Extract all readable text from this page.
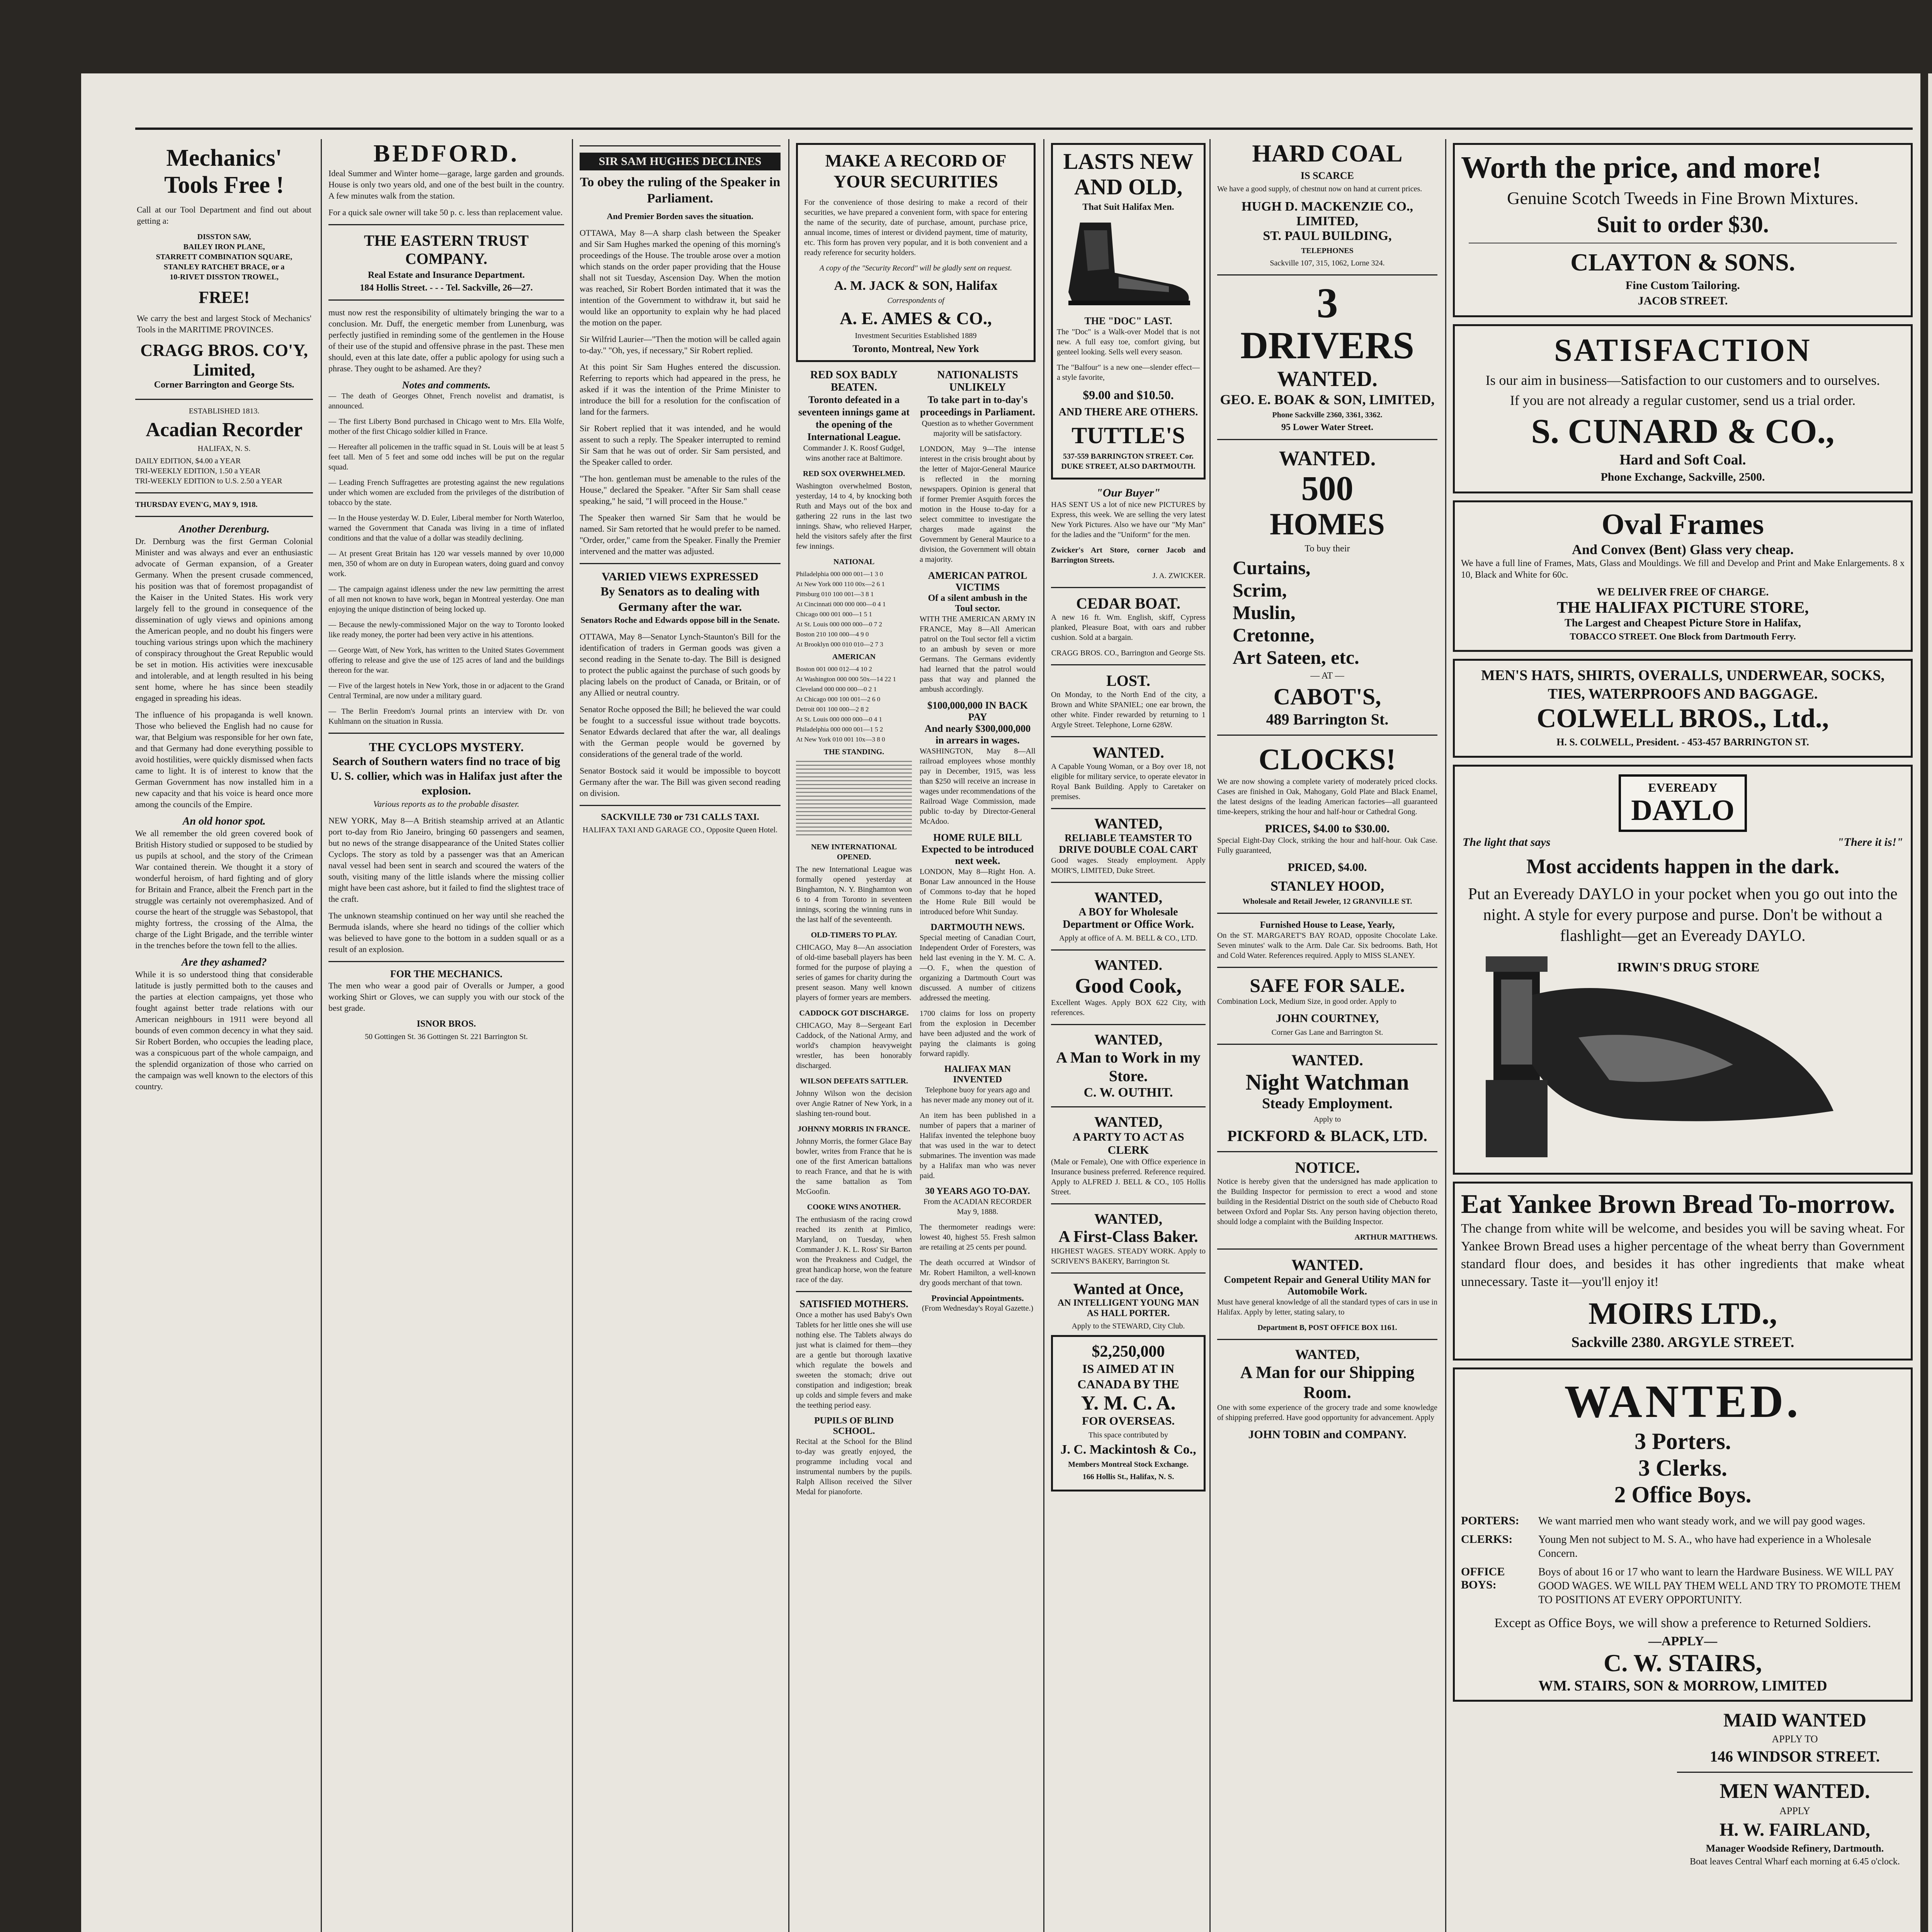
Mechanics' Tools Free !

Call at our Tool Department and find out about getting a:

DISSTON SAW,
BAILEY IRON PLANE,
STARRETT COMBINATION SQUARE,
STANLEY RATCHET BRACE, or a
10-RIVET DISSTON TROWEL,
FREE!

We carry the best and largest Stock of Mechanics' Tools in the MARITIME PROVINCES.

CRAGG BROS. CO'Y, Limited,
Corner Barrington and George Sts.
ESTABLISHED 1813.
Acadian Recorder
HALIFAX, N. S.
DAILY EDITION, $4.00 a YEAR
TRI-WEEKLY EDITION, 1.50 a YEAR
TRI-WEEKLY EDITION to U.S. 2.50 a YEAR
THURSDAY EVEN'G, MAY 9, 1918.
Another Derenburg.

Dr. Dernburg was the first German Colonial Minister and was always and ever an enthusiastic advocate of German expansion, of a Greater Germany. When the present crusade commenced, his position was that of foremost propagandist of the Kaiser in the United States. His work very largely fell to the ground in consequence of the dissemination of ugly views and opinions among the American people, and no doubt his fingers were touching various strings upon which the machinery of conspiracy throughout the Great Republic would be set in motion. His activities were inexcusable and intolerable, and at length resulted in his being sent home, where he has since been steadily engaged in spreading his ideas.

The influence of his propaganda is well known. Those who believed the English had no cause for war, that Belgium was responsible for her own fate, and that Germany had done everything possible to avoid hostilities, were quickly dismissed when facts came to light. It is of interest to know that the German Government has now installed him in a new capacity and that his voice is heard once more among the councils of the Empire.

An old honor spot.

We all remember the old green covered book of British History studied or supposed to be studied by us pupils at school, and the story of the Crimean War contained therein. We thought it a story of wonderful heroism, of hard fighting and of glory for Britain and France, albeit the French part in the struggle was certainly not overemphasized. And of course the heart of the struggle was Sebastopol, that mighty fortress, the crossing of the Alma, the charge of the Light Brigade, and the terrible winter in the trenches before the town fell to the allies.

Are they ashamed?

While it is so understood thing that considerable latitude is justly permitted both to the causes and the parties at election campaigns, yet those who fought against better trade relations with our American neighbours in 1911 were beyond all bounds of even common decency in what they said. Sir Robert Borden, who occupies the leading place, was a conspicuous part of the whole campaign, and the splendid organization of those who carried on the campaign was well known to the electors of this country.

BEDFORD.

Ideal Summer and Winter home—garage, large garden and grounds. House is only two years old, and one of the best built in the country. A few minutes walk from the station.

For a quick sale owner will take 50 p. c. less than replacement value.

THE EASTERN TRUST COMPANY.
Real Estate and Insurance Department.
184 Hollis Street. - - - Tel. Sackville, 26—27.

must now rest the responsibility of ultimately bringing the war to a conclusion. Mr. Duff, the energetic member from Lunenburg, was perfectly justified in reminding some of the gentlemen in the House of their use of the stupid and offensive phrase in the past. These men should, even at this late date, offer a public apology for using such a phrase. They ought to be ashamed. Are they?

Notes and comments.

— The death of Georges Ohnet, French novelist and dramatist, is announced.

— The first Liberty Bond purchased in Chicago went to Mrs. Ella Wolfe, mother of the first Chicago soldier killed in France.

— Hereafter all policemen in the traffic squad in St. Louis will be at least 5 feet tall. Men of 5 feet and some odd inches will be put on the regular squad.

— Leading French Suffragettes are protesting against the new regulations under which women are excluded from the privileges of the distribution of tobacco by the state.

— In the House yesterday W. D. Euler, Liberal member for North Waterloo, warned the Government that Canada was living in a time of inflated conditions and that the value of a dollar was steadily declining.

— At present Great Britain has 120 war vessels manned by over 10,000 men, 350 of whom are on duty in European waters, doing guard and convoy work.

— The campaign against idleness under the new law permitting the arrest of all men not known to have work, began in Montreal yesterday. One man enjoying the unique distinction of being locked up.

— Because the newly-commissioned Major on the way to Toronto looked like ready money, the porter had been very active in his attentions.

— George Watt, of New York, has written to the United States Government offering to release and give the use of 125 acres of land and the buildings thereon for the war.

— Five of the largest hotels in New York, those in or adjacent to the Grand Central Terminal, are now under a military guard.

— The Berlin Freedom's Journal prints an interview with Dr. von Kuhlmann on the situation in Russia.

THE CYCLOPS MYSTERY.
Search of Southern waters find no trace of big U. S. collier, which was in Halifax just after the explosion.

Various reports as to the probable disaster.

NEW YORK, May 8—A British steamship arrived at an Atlantic port to-day from Rio Janeiro, bringing 60 passengers and seamen, but no news of the strange disappearance of the United States collier Cyclops. The story as told by a passenger was that an American naval vessel had been sent in search and scoured the waters of the south, visiting many of the little islands where the missing collier might have been cast ashore, but it failed to find the slightest trace of the craft.

The unknown steamship continued on her way until she reached the Bermuda islands, where she heard no tidings of the collier which was believed to have gone to the bottom in a sudden squall or as a result of an explosion.

FOR THE MECHANICS.

The men who wear a good pair of Overalls or Jumper, a good working Shirt or Gloves, we can supply you with our stock of the best grade.

ISNOR BROS.
50 Gottingen St. 36 Gottingen St. 221 Barrington St.
SIR SAM HUGHES DECLINES
To obey the ruling of the Speaker in Parliament.

And Premier Borden saves the situation.

OTTAWA, May 8—A sharp clash between the Speaker and Sir Sam Hughes marked the opening of this morning's proceedings of the House. The trouble arose over a motion which stands on the order paper providing that the House shall not sit Tuesday, Ascension Day. When the motion was reached, Sir Robert Borden intimated that it was the intention of the Government to withdraw it, but said he would like an opportunity to explain why he had placed the motion on the paper.

Sir Wilfrid Laurier—"Then the motion will be called again to-day." "Oh, yes, if necessary," Sir Robert replied.

At this point Sir Sam Hughes entered the discussion. Referring to reports which had appeared in the press, he asked if it was the intention of the Prime Minister to introduce the bill for a resolution for the confiscation of land for the farmers.

Sir Robert replied that it was intended, and he would assent to such a reply. The Speaker interrupted to remind Sir Sam that he was out of order. Sir Sam persisted, and the Speaker called to order.

"The hon. gentleman must be amenable to the rules of the House," declared the Speaker. "After Sir Sam shall cease speaking," he said, "I will proceed in the House."

The Speaker then warned Sir Sam that he would be named. Sir Sam retorted that he would prefer to be named. "Order, order," came from the Speaker. Finally the Premier intervened and the matter was adjusted.

VARIED VIEWS EXPRESSED
By Senators as to dealing with Germany after the war.

Senators Roche and Edwards oppose bill in the Senate.

OTTAWA, May 8—Senator Lynch-Staunton's Bill for the identification of traders in German goods was given a second reading in the Senate to-day. The Bill is designed to protect the public against the purchase of such goods by placing labels on the product of Canada, or Britain, or of any Allied or neutral country.

Senator Roche opposed the Bill; he believed the war could be fought to a successful issue without trade boycotts. Senator Edwards declared that after the war, all dealings with the German people would be governed by considerations of the general trade of the world.

Senator Bostock said it would be impossible to boycott Germany after the war. The Bill was given second reading on division.

SACKVILLE 730 or 731 CALLS TAXI.
HALIFAX TAXI AND GARAGE CO., Opposite Queen Hotel.
MAKE A RECORD OF YOUR SECURITIES

For the convenience of those desiring to make a record of their securities, we have prepared a convenient form, with space for entering the name of the security, date of purchase, amount, purchase price, annual income, times of interest or dividend payment, time of maturity, etc. This form has proven very popular, and it is both convenient and a ready reference for security holders.

A copy of the "Security Record" will be gladly sent on request.

A. M. JACK & SON, Halifax
Correspondents of
A. E. AMES & CO.,
Investment Securities Established 1889
Toronto, Montreal, New York
RED SOX BADLY BEATEN.
Toronto defeated in a seventeen innings game at the opening of the International League.

Commander J. K. Roosf Gudgel, wins another race at Baltimore.

RED SOX OVERWHELMED.

Washington overwhelmed Boston, yesterday, 14 to 4, by knocking both Ruth and Mays out of the box and gathering 22 runs in the last two innings. Shaw, who relieved Harper, held the visitors safely after the first few innings.

NATIONAL
Philadelphia 000 000 001—1 3 0
At New York 000 110 00x—2 6 1
Pittsburg 010 100 001—3 8 1
At Cincinnati 000 000 000—0 4 1
Chicago 000 001 000—1 5 1
At St. Louis 000 000 000—0 7 2
Boston 210 100 000—4 9 0
At Brooklyn 000 010 010—2 7 3
AMERICAN
Boston 001 000 012—4 10 2
At Washington 000 000 50x—14 22 1
Cleveland 000 000 000—0 2 1
At Chicago 000 100 001—2 6 0
Detroit 001 100 000—2 8 2
At St. Louis 000 000 000—0 4 1
Philadelphia 000 000 001—1 5 2
At New York 010 001 10x—3 8 0
THE STANDING.
NEW INTERNATIONAL OPENED.

The new International League was formally opened yesterday at Binghamton, N. Y. Binghamton won 6 to 4 from Toronto in seventeen innings, scoring the winning runs in the last half of the seventeenth.

OLD-TIMERS TO PLAY.

CHICAGO, May 8—An association of old-time baseball players has been formed for the purpose of playing a series of games for charity during the present season. Many well known players of former years are members.

CADDOCK GOT DISCHARGE.

CHICAGO, May 8—Sergeant Earl Caddock, of the National Army, and world's champion heavyweight wrestler, has been honorably discharged.

WILSON DEFEATS SATTLER.

Johnny Wilson won the decision over Angie Ratner of New York, in a slashing ten-round bout.

JOHNNY MORRIS IN FRANCE.

Johnny Morris, the former Glace Bay bowler, writes from France that he is one of the first American battalions to reach France, and that he is with the same battalion as Tom McGoofin.

COOKE WINS ANOTHER.

The enthusiasm of the racing crowd reached its zenith at Pimlico, Maryland, on Tuesday, when Commander J. K. L. Ross' Sir Barton won the Preakness and Cudgel, the great handicap horse, won the feature race of the day.

SATISFIED MOTHERS.

Once a mother has used Baby's Own Tablets for her little ones she will use nothing else. The Tablets always do just what is claimed for them—they are a gentle but thorough laxative which regulate the bowels and sweeten the stomach; drive out constipation and indigestion; break up colds and simple fevers and make the teething period easy.

PUPILS OF BLIND SCHOOL.

Recital at the School for the Blind to-day was greatly enjoyed, the programme including vocal and instrumental numbers by the pupils. Ralph Allison received the Silver Medal for pianoforte.

NATIONALISTS UNLIKELY
To take part in to-day's proceedings in Parliament.

Question as to whether Government majority will be satisfactory.

LONDON, May 9—The intense interest in the crisis brought about by the letter of Major-General Maurice is reflected in the morning newspapers. Opinion is general that if former Premier Asquith forces the motion in the House to-day for a select committee to investigate the charges made against the Government by General Maurice to a division, the Government will obtain a majority.

AMERICAN PATROL VICTIMS
Of a silent ambush in the Toul sector.

WITH THE AMERICAN ARMY IN FRANCE, May 8—All American patrol on the Toul sector fell a victim to an ambush by seven or more Germans. The Germans evidently had learned that the patrol would pass that way and planned the ambush accordingly.

$100,000,000 IN BACK PAY
And nearly $300,000,000 in arrears in wages.

WASHINGTON, May 8—All railroad employees whose monthly pay in December, 1915, was less than $250 will receive an increase in wages under recommendations of the Railroad Wage Commission, made public to-day by Director-General McAdoo.

HOME RULE BILL
Expected to be introduced next week.

LONDON, May 8—Right Hon. A. Bonar Law announced in the House of Commons to-day that he hoped the Home Rule Bill would be introduced before Whit Sunday.

DARTMOUTH NEWS.

Special meeting of Canadian Court, Independent Order of Foresters, was held last evening in the Y. M. C. A.—O. F., when the question of organizing a Dartmouth Court was discussed. A number of citizens addressed the meeting.

1700 claims for loss on property from the explosion in December have been adjusted and the work of paying the claimants is going forward rapidly.

HALIFAX MAN INVENTED

Telephone buoy for years ago and has never made any money out of it.

An item has been published in a number of papers that a mariner of Halifax invented the telephone buoy that was used in the war to detect submarines. The invention was made by a Halifax man who was never paid.

30 YEARS AGO TO-DAY.

From the ACADIAN RECORDER May 9, 1888.

The thermometer readings were: lowest 40, highest 55. Fresh salmon are retailing at 25 cents per pound.

The death occurred at Windsor of Mr. Robert Hamilton, a well-known dry goods merchant of that town.

Provincial Appointments.

(From Wednesday's Royal Gazette.)

LASTS NEW AND OLD,
That Suit Halifax Men.
THE "DOC" LAST.

The "Doc" is a Walk-over Model that is not new. A full easy toe, comfort giving, but genteel looking. Sells well every season.

The "Balfour" is a new one—slender effect—a style favorite,

$9.00 and $10.50.
AND THERE ARE OTHERS.
TUTTLE'S
537-559 BARRINGTON STREET. Cor. DUKE STREET, ALSO DARTMOUTH.
"Our Buyer"

HAS SENT US a lot of nice new PICTURES by Express, this week. We are selling the very latest New York Pictures. Also we have our "My Man" for the ladies and the "Uniform" for the men.

Zwicker's Art Store, corner Jacob and Barrington Streets.

J. A. ZWICKER.
CEDAR BOAT.

A new 16 ft. Wm. English, skiff, Cypress planked, Pleasure Boat, with oars and rubber cushion. Sold at a bargain.

CRAGG BROS. CO., Barrington and George Sts.
LOST.

On Monday, to the North End of the city, a Brown and White SPANIEL; one ear brown, the other white. Finder rewarded by returning to 1 Argyle Street. Telephone, Lorne 628W.

WANTED.

A Capable Young Woman, or a Boy over 18, not eligible for military service, to operate elevator in Royal Bank Building. Apply to Caretaker on premises.

WANTED,
RELIABLE TEAMSTER TO DRIVE DOUBLE COAL CART

Good wages. Steady employment. Apply MOIR'S, LIMITED, Duke Street.

WANTED,
A BOY for Wholesale Department or Office Work.
Apply at office of A. M. BELL & CO., LTD.
WANTED.
Good Cook,

Excellent Wages. Apply BOX 622 City, with references.

WANTED,
A Man to Work in my Store.
C. W. OUTHIT.
WANTED,
A PARTY TO ACT AS CLERK

(Male or Female), One with Office experience in Insurance business preferred. Reference required. Apply to ALFRED J. BELL & CO., 105 Hollis Street.

WANTED,
A First-Class Baker.

HIGHEST WAGES. STEADY WORK. Apply to SCRIVEN'S BAKERY, Barrington St.

Wanted at Once,
AN INTELLIGENT YOUNG MAN AS HALL PORTER.
Apply to the STEWARD, City Club.
$2,250,000
IS AIMED AT IN CANADA BY THE
Y. M. C. A.
FOR OVERSEAS.
This space contributed by
J. C. Mackintosh & Co.,
Members Montreal Stock Exchange.
166 Hollis St., Halifax, N. S.
HARD COAL
IS SCARCE

We have a good supply, of chestnut now on hand at current prices.

HUGH D. MACKENZIE CO., LIMITED,
ST. PAUL BUILDING,
TELEPHONES
Sackville 107, 315, 1062, Lorne 324.
3
DRIVERS
WANTED.
GEO. E. BOAK & SON, LIMITED,
Phone Sackville 2360, 3361, 3362.
95 Lower Water Street.
WANTED.
500
HOMES
To buy their
Curtains,
Scrim,
Muslin,
Cretonne,
Art Sateen, etc.
— AT —
CABOT'S,
489 Barrington St.
CLOCKS!

We are now showing a complete variety of moderately priced clocks. Cases are finished in Oak, Mahogany, Gold Plate and Black Enamel, the latest designs of the leading American factories—all guaranteed time-keepers, striking the hour and half-hour or Cathedral Gong.

PRICES, $4.00 to $30.00.

Special Eight-Day Clock, striking the hour and half-hour. Oak Case. Fully guaranteed,

PRICED, $4.00.
STANLEY HOOD,
Wholesale and Retail Jeweler, 12 GRANVILLE ST.
Furnished House to Lease, Yearly,

On the ST. MARGARET'S BAY ROAD, opposite Chocolate Lake. Seven minutes' walk to the Arm. Dale Car. Six bedrooms. Bath, Hot and Cold Water. References required. Apply to MISS SLANEY.

SAFE FOR SALE.

Combination Lock, Medium Size, in good order. Apply to

JOHN COURTNEY,
Corner Gas Lane and Barrington St.
WANTED.
Night Watchman
Steady Employment.
Apply to
PICKFORD & BLACK, LTD.
NOTICE.

Notice is hereby given that the undersigned has made application to the Building Inspector for permission to erect a wood and stone building in the Residential District on the south side of Chebucto Road between Oxford and Poplar Sts. Any person having objection thereto, should lodge a complaint with the Building Inspector.

ARTHUR MATTHEWS.
WANTED.
Competent Repair and General Utility MAN for Automobile Work.

Must have general knowledge of all the standard types of cars in use in Halifax. Apply by letter, stating salary, to

Department B, POST OFFICE BOX 1161.
WANTED,
A Man for our Shipping Room.

One with some experience of the grocery trade and some knowledge of shipping preferred. Have good opportunity for advancement. Apply

JOHN TOBIN and COMPANY.
Worth the price, and more!
Genuine Scotch Tweeds in Fine Brown Mixtures.
Suit to order $30.
CLAYTON & SONS.
Fine Custom Tailoring.
JACOB STREET.
SATISFACTION
Is our aim in business—Satisfaction to our customers and to ourselves.
If you are not already a regular customer, send us a trial order.
S. CUNARD & CO.,
Hard and Soft Coal.
Phone Exchange, Sackville, 2500.
Oval Frames
And Convex (Bent) Glass very cheap.

We have a full line of Frames, Mats, Glass and Mouldings. We fill and Develop and Print and Make Enlargements. 8 x 10, Black and White for 60c.

WE DELIVER FREE OF CHARGE.
THE HALIFAX PICTURE STORE,
The Largest and Cheapest Picture Store in Halifax,
TOBACCO STREET. One Block from Dartmouth Ferry.
MEN'S HATS, SHIRTS, OVERALLS, UNDERWEAR, SOCKS, TIES, WATERPROOFS AND BAGGAGE.
COLWELL BROS., Ltd.,
H. S. COLWELL, President. - 453-457 BARRINGTON ST.
EVEREADY
DAYLO
The light that says	"There it is!"
Most accidents happen in the dark.
Put an Eveready DAYLO in your pocket when you go out into the night. A style for every purpose and purse. Don't be without a flashlight—get an Eveready DAYLO.
IRWIN'S DRUG STORE
Eat Yankee Brown Bread To-morrow.

The change from white will be welcome, and besides you will be saving wheat. For Yankee Brown Bread uses a higher percentage of the wheat berry than Government standard flour does, and besides it has other ingredients that make wheat unnecessary. Taste it—you'll enjoy it!

MOIRS LTD.,
Sackville 2380. ARGYLE STREET.
WANTED.
3 Porters.
3 Clerks.
2 Office Boys.
PORTERS:	We want married men who want steady work, and we will pay good wages.
CLERKS:	Young Men not subject to M. S. A., who have had experience in a Wholesale Concern.
OFFICE BOYS:
Boys of about 16 or 17 who want to learn the Hardware Business. WE WILL PAY GOOD WAGES. WE WILL PAY THEM WELL AND TRY TO PROMOTE THEM TO POSITIONS AT EVERY OPPORTUNITY.
Except as Office Boys, we will show a preference to Returned Soldiers.
—APPLY—
C. W. STAIRS,
WM. STAIRS, SON & MORROW, LIMITED
MAID WANTED
APPLY TO
146 WINDSOR STREET.
MEN WANTED.
APPLY
H. W. FAIRLAND,
Manager Woodside Refinery, Dartmouth.
Boat leaves Central Wharf each morning at 6.45 o'clock.
